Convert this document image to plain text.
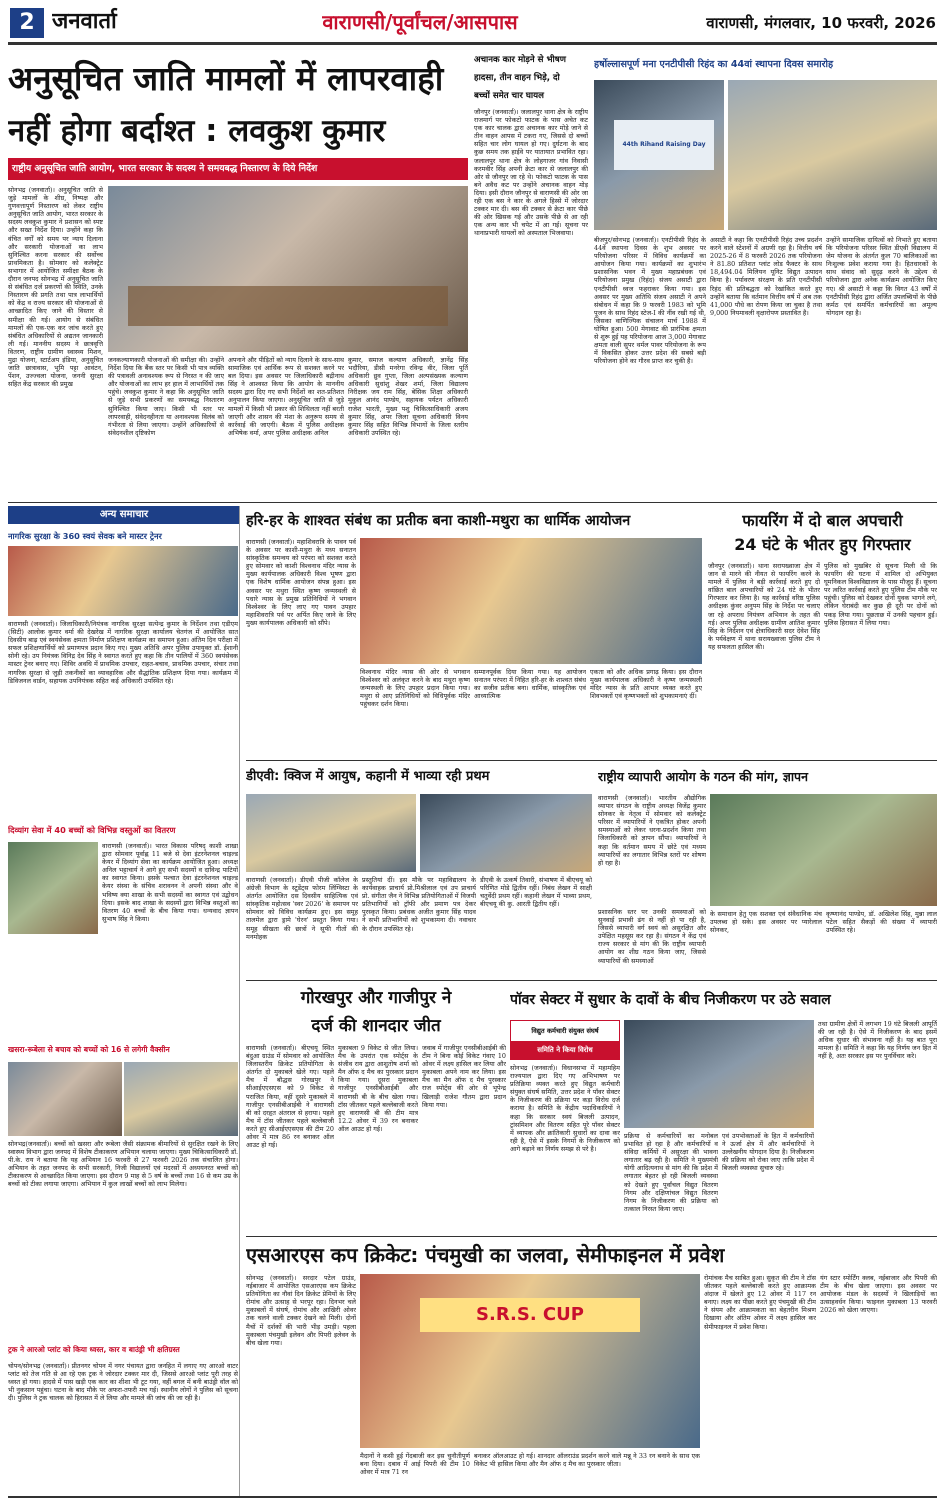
2 जनवार्ता	वाराणसी/पूर्वांचल/आसपास	वाराणसी, मंगलवार, 10 फरवरी, 2026
अनुसूचित जाति मामलों में लापरवाही
नहीं होगा बर्दाश्त : लवकुश कुमार
राष्ट्रीय अनुसूचित जाति आयोग, भारत सरकार के सदस्य ने समयबद्ध निस्तारण के दिये निर्देश
सोनभद्र (जनवार्ता)। अनुसूचित जाति से जुड़े मामलों के शीघ्र, निष्पक्ष और गुणवत्तापूर्ण निस्तारण को लेकर राष्ट्रीय अनुसूचित जाति आयोग, भारत सरकार के सदस्य लवकुश कुमार ने प्रशासन को स्पष्ट और सख्त निर्देश दिया। उन्होंने कहा कि वंचित वर्गों को समय पर न्याय दिलाना और सरकारी योजनाओं का लाभ सुनिश्चित करना सरकार की सर्वोच्च प्राथमिकता है। सोमवार को कलेक्ट्रेट सभागार में आयोजित समीक्षा बैठक के दौरान जनपद सोनभद्र में अनुसूचित जाति से संबंधित दर्ज प्रकरणों की स्थिति, उनके निस्तारण की प्रगति तथा पात्र लाभार्थियों को केंद्र व राज्य सरकार की योजनाओं से आच्छादित किए जाने की विस्तार से समीक्षा की गई। आयोग से संबंधित मामलों की एक-एक कर जांच करते हुए संबंधित अधिकारियों से अद्यतन जानकारी ली गई। माननीय सदस्य ने छात्रवृत्ति वितरण, राष्ट्रीय ग्रामीण स्वास्थ्य मिशन, मुद्रा योजना, स्टार्टअप इंडिया, अनुसूचित जाति छात्रावास, भूमि पट्टा आवंटन, पेंशन, उज्ज्वला योजना, जननी सुरक्षा सहित केंद्र सरकार की प्रमुख
जनकल्याणकारी योजनाओं की समीक्षा की। उन्होंने निर्देश दिया कि बैंक स्तर पर किसी भी पात्र व्यक्ति की पत्रावली अनावश्यक रूप से निरस्त न की जाए और योजनाओं का लाभ हर हाल में लाभार्थियों तक पहुंचे। लवकुश कुमार ने कहा कि अनुसूचित जाति से जुड़े सभी प्रकरणों का समयबद्ध निस्तारण सुनिश्चित किया जाए। किसी भी स्तर पर लापरवाही, संवेदनहीनता या अनावश्यक विलंब को गंभीरता से लिया जाएगा। उन्होंने अधिकारियों से संवेदनशील दृष्टिकोण
अपनाने और पीड़ितों को न्याय दिलाने के साथ-साथ सामाजिक एवं आर्थिक रूप से सशक्त करने पर बल दिया। इस अवसर पर जिलाधिकारी बद्रीनाथ सिंह ने आश्वस्त किया कि आयोग के माननीय सदस्य द्वारा दिए गए सभी निर्देशों का शत-प्रतिशत अनुपालन किया जाएगा। अनुसूचित जाति से जुड़े मामलों में किसी भी प्रकार की शिथिलता नहीं बरती जाएगी और शासन की मंशा के अनुरूप समय से कार्रवाई की जाएगी। बैठक में पुलिस अधीक्षक अभिषेक वर्मा, अपर पुलिस अधीक्षक अनिल
कुमार, समाज कल्याण अधिकारी, ज्ञानेंद्र सिंह भदौरिया, डीसी मनरेगा रविन्द्र वीर, जिला पूर्ति अधिकारी ध्रुव गुप्ता, जिला अल्पसंख्यक कल्याण अधिकारी सुधांशु शेखर शर्मा, जिला विद्यालय निरीक्षक जय राम सिंह, बेसिक शिक्षा अधिकारी मुकुल आनंद पाण्डेय, सहायक पर्यटन अधिकारी राजेश भारती, मुख्य पशु चिकित्साधिकारी अजय कुमार सिंह, अपर जिला सूचना अधिकारी विनय कुमार सिंह सहित विभिन्न विभागों के जिला स्तरीय अधिकारी उपस्थित रहे।
अचानक कार मोड़ने से भीषण
हादसा, तीन वाहन भिड़े, दो
बच्चों समेत चार घायल
जौनपुर (जनवार्ता)। जलालपुर थाना क्षेत्र के राष्ट्रीय राजमार्ग पर फोकटो फाटक के पास अचेत कट एक कार चालक द्वारा अचानक कार मोड़े जाने से तीन वाहन आपस में टकरा गए, जिससे दो बच्चों सहित चार लोग घायल हो गए। दुर्घटना के बाद कुछ समय तक हाईवे पर यातायात प्रभावित रहा। जलालपुर थाना क्षेत्र के लोहगाजर गांव निवासी करमवीर सिंह अपनी क्रेटा कार से जलालपुर की ओर से जौनपुर जा रहे थे। फोकटो फाटक के पास बने अवैध कट पर उन्होंने अचानक वाहन मोड़ दिया। इसी दौरान जौनपुर से वाराणसी की ओर जा रही एक बस ने कार के अगले हिस्से में जोरदार टक्कर मार दी। बस की टक्कर से क्रेटा कार पीछे की ओर खिसक गई और उसके पीछे से आ रही एक अन्य कार भी चपेट में आ गई। सूचना पर थानाप्रभारी घायलों को अस्पताल भिजवाया।
हर्षोल्लासपूर्ण मना एनटीपीसी रिहंद का 44वां स्थापना दिवस समारोह
44th Rihand Raising Day
बीजपुर/सोनभद्र (जनवार्ता)। एनटीपीसी रिहंद के 44वें स्थापना दिवस के शुभ अवसर पर परियोजना परिसर में विविध कार्यक्रमों का आयोजन किया गया। कार्यक्रमों का शुभारंभ प्रशासनिक भवन में मुख्य महाप्रबंधक एवं परियोजना प्रमुख (रिहंद) संजय असाटी द्वारा एनटीपीसी ध्वज फहराकर किया गया। इस अवसर पर मुख्य अतिथि संजय असाटी ने अपने संबोधन में कहा कि 9 फरवरी 1983 को भूमि पूजन के साथ रिहंद स्टेज-I की नींव रखी गई थी, जिसका वाणिज्यिक संचालन मार्च 1988 में घोषित हुआ। 500 मेगावाट की प्रारंभिक क्षमता से शुरू हुई यह परियोजना आज 3,000 मेगावाट क्षमता वाली सुपर थर्मल पावर परियोजना के रूप में विकसित होकर उत्तर प्रदेश की सबसे बड़ी परियोजना होने का गौरव प्राप्त कर चुकी है।
असाटी ने कहा कि एनटीपीसी रिहंद उच्च प्रदर्शन करने वाले स्टेशनों में अग्रणी रहा है। वित्तीय वर्ष 2025-26 में 8 फरवरी 2026 तक परियोजना ने 81.80 प्रतिशत प्लांट लोड फैक्टर के साथ 18,494.04 मिलियन यूनिट विद्युत उत्पादन किया है। पर्यावरण संरक्षण के प्रति एनटीपीसी रिहंद की प्रतिबद्धता को रेखांकित करते हुए उन्होंने बताया कि वर्तमान वित्तीय वर्ष में अब तक 41,000 पौधे का रोपण किया जा चुका है तथा 9,000 नियमावली वृक्षारोपण प्रस्तावित है।
उन्होंने सामाजिक दायित्वों को निभाते हुए बताया कि परियोजना परिसर स्थित डीएवी विद्यालय में जेम योजना के अंतर्गत कुल 70 बालिकाओं का निःशुल्क प्रवेश कराया गया है। हितधारकों के साथ संवाद को सुदृढ़ करने के उद्देश्य से परियोजना द्वारा अनेक कार्यक्रम आयोजित किए गए। श्री असाटी ने कहा कि विगत 43 वर्षों में एनटीपीसी रिहंद द्वारा अर्जित उपलब्धियों के पीछे कर्मठ एवं समर्पित कर्मचारियों का अमूल्य योगदान रहा है।
अन्य समाचार
नागरिक सुरक्षा के 360 स्वयं सेवक बने मास्टर ट्रेनर
वाराणसी (जनवार्ता)। जिलाधिकारी/नियंत्रक नागरिक सुरक्षा सत्येन्द्र कुमार के निर्देशन तथा एडीएम (सिटी) आलोक कुमार वर्मा की देखरेख में नागरिक सुरक्षा कार्यालय चेतगंज में आयोजित सात दिवसीय बाढ़ एवं स्वयंसेवक क्षमता निर्माण प्रशिक्षण कार्यक्रम का समापन हुआ। अंतिम दिन परीक्षा में सफल प्रशिक्षणार्थियों को प्रमाणपत्र प्रदान किए गए। मुख्य अतिथि अपर पुलिस उपायुक्त डॉ. ईशानी सोनी रहे। उप नियंत्रक विनिद्र देव सिंह ने स्वागत करते हुए कहा कि तीन पालियों में 360 स्वयंसेवक मास्टर ट्रेनर बनाए गए। शिविर अवधि में प्राथमिक उपचार, राहत-बचाव, प्राथमिक उपचार, संचार तथा नागरिक सुरक्षा से जुड़ी तकनीकों का व्यावहारिक और सैद्धांतिक प्रशिक्षण दिया गया। कार्यक्रम में डिविजनल वार्डन, सहायक उपनियंत्रक सहित कई अधिकारी उपस्थित रहे।
दिव्यांग सेवा में 40 बच्चों को विभिन्न वस्तुओं का वितरण
वाराणसी (जनवार्ता)। भारत विकास परिषद् काशी शाखा द्वारा सोमवार पूर्वाह्न 11 बजे से देवा इंटरनेशनल चाइल्ड केयर में दिव्यांग सेवा का कार्यक्रम आयोजित हुआ। अध्यक्ष अनिल भट्टाचार्य ने आगे हुए सभी सदस्यों व दाविन्द्र पाटियों का स्वागत किया। इसके पश्चात देवा इंटरनेशनल चाइल्ड केयर संस्था के संचिव शरावनन ने अपनी संस्था और वे भविष्य क्या शाखा के सभी सदस्यों का स्वागत एवं उद्बोधन दिया। इसके बाद शाखा के सदस्यों द्वारा विभिन्न वस्तुओं का वितरण 40 बच्चों के बीच किया गया। धन्यवाद ज्ञापन सुभाष सिंह ने किया।
खसरा-रूबेला से बचाव को बच्चों को 16 से लगेगी वैक्सीन
सोनभद्र(जनवार्ता)। बच्चों को खसरा और रूबेला जैसी संक्रामक बीमारियों से सुरक्षित रखने के लिए स्वास्थ्य विभाग द्वारा जनपद में विशेष टीकाकरण अभियान चलाया जाएगा। मुख्य चिकित्साधिकारी डॉ. पी.के. राय ने बताया कि यह अभियान 16 फरवरी से 27 फरवरी 2026 तक संचालित होगा। अभियान के तहत जनपद के सभी सरकारी, निजी विद्यालयों एवं मदरसों में अध्ययनरत बच्चों को टीकाकरण से आच्छादित किया जाएगा। इस दौरान 9 माह से 5 वर्ष के बच्चों तथा 16 से कम उम्र के बच्चों को टीका लगाया जाएगा। अभियान में कुल लाखों बच्चों को लाभ मिलेगा।
ट्रक ने आरओ प्लांट को किया ध्वस्त, कार व बाउंड्री भी क्षतिग्रस्त
चोपन/सोनभद्र (जनवार्ता)। प्रीतनगर चोपन में नगर पंचायत द्वारा जनहित में लगाए गए आरओ वाटर प्लांट को तेज गति से आ रहे एक ट्रक ने जोरदार टक्कर मार दी, जिससे आरओ प्लांट पूरी तरह से ध्वस्त हो गया। हादसे में पास खड़ी एक कार का शीशा भी टूट गया, वहीं बगल में बनी बाउंड्री वॉल को भी नुकसान पहुंचा। घटना के बाद मौके पर अफरा-तफरी मच गई। स्थानीय लोगों ने पुलिस को सूचना दी। पुलिस ने ट्रक चालक को हिरासत में ले लिया और मामले की जांच की जा रही है।
हरि-हर के शाश्वत संबंध का प्रतीक बना काशी-मथुरा का धार्मिक आयोजन
वाराणसी (जनवार्ता)। महाशिवरात्रि के पावन पर्व के अवसर पर काशी-मथुरा के मध्य सनातन सांस्कृतिक समन्वय को परंपरा को सशक्त करते हुए सोमवार को काशी विश्वनाथ मंदिर न्यास के मुख्य कार्यपालक अधिकारी विश्व भूषण द्वारा एक विशेष धार्मिक आयोजन संपन्न हुआ। इस अवसर पर मथुरा स्थित कृष्ण जन्मस्थली से पधारे न्यास के प्रमुख प्रतिनिधियों ने भगवान विश्वेश्वर के लिए लाए गए पावन उपहार महाशिवरात्रि पर्व पर अर्पित किए जाने के लिए मुख्य कार्यपालक अधिकारी को सौंपे।
विश्वनाथ मंदिर न्यास की ओर से भगवान विश्वेश्वर को अलंकृत करने के बाद मथुरा कृष्ण जन्मस्थली के लिए उपहार प्रदान किया गया। मथुरा से आए प्रतिनिधियों को विधिपूर्वक मंदिर पहुंचकर दर्शन किया।
सम्मानपूर्वक दिया किया गया। यह आयोजन सनातन परंपरा में निहित हरि-हर के शाश्वत संबंध का सजीव प्रतीक बना। धार्मिक, सांस्कृतिक एवं आध्यात्मिक
एकता को और अधिक प्रगाढ़ किया। इस दौरान मुख्य कार्यपालक अधिकारी ने कृष्ण जन्मस्थली मंदिर न्यास के प्रति आभार व्यक्त करते हुए शिवभक्तों एवं कृष्णभक्तों को शुभकामनाएं दीं।
फायरिंग में दो बाल अपचारी
24 घंटे के भीतर हुए गिरफ्तार
जौनपुर (जनवार्ता)। थाना सरायख्वाजा क्षेत्र में जान से मारने की नीयत से फायरिंग करने के मामले में पुलिस ने बड़ी कार्रवाई करते हुए दो वांछित बाल अपचारियों को 24 घंटे के भीतर गिरफ्तार कर लिया है। यह कार्रवाई वरिष्ठ पुलिस अधीक्षक कुंवर अनुपम सिंह के निर्देश पर चलाए जा रहे अपराध नियंत्रण अभियान के तहत की गई। अपर पुलिस अधीक्षक ग्रामीण आतिश कुमार सिंह के निर्देशन एवं क्षेत्राधिकारी सदर देवेश सिंह के पर्यवेक्षण में थाना सरायख्वाजा पुलिस टीम ने यह सफलता हासिल की।
पुलिस को मुखबिर से सूचना मिली थी कि फायरिंग की घटना में शामिल दो अभियुक्त घूमनिकल विश्वविद्यालय के पास मौजूद हैं। सूचना पर त्वरित कार्रवाई करते हुए पुलिस टीम मौके पर पहुंची। पुलिस को देखकर दोनों युवक भागने लगे, लेकिन घेराबंदी कर कुछ ही दूरी पर दोनों को पकड़ लिया गया। पूछताछ में उनकी पहचान हुई। पुलिस हिरासत में लिया गया।
डीएवी: क्विज में आयुष, कहानी में भाव्या रही प्रथम
वाराणसी (जनवार्ता)। डीएवी पीजी कॉलेज के अंग्रेजी विभाग के स्टूडेंट्स फोरम लिंग्विस्टा के अंतर्गत आयोजित दस दिवसीय साहित्यिक एवं सांस्कृतिक महोत्सव 'स्वर 2026' के समापन पर सोमवार को विविध कार्यक्रम हुए। इस समूह तालमेल द्वारा ड्रामे 'घेरन' प्रस्तुत किया गया। समूह सीखता की छात्रों ने सूफी गीतों की मनमोहक
प्रस्तुतियां दीं। इस मौके पर महाविद्यालय के कार्यवाहक प्राचार्य प्रो.मिश्रीलाल एवं उप प्राचार्य प्रो. संगीता जैन ने विभिन्न प्रतियोगिताओं में विजयी प्रतिभागियों को ट्रॉफी और प्रमाण पत्र देकर पुरस्कृत किया। प्रबंधक अजीत कुमार सिंह यादव ने सभी प्रतिभागियों को शुभकामना दी। नवाचार के दौरान उपस्थित रहे।
डीएवी के उत्कर्ष तिवारी, संभाषण में बीएचयू को परिणित मोडे द्वितीय रहीं। निबंध लेखन में साक्षी चतुर्वेदी प्रथम रहीं। कहानी लेखन में भाव्या प्रथम, बीएचयू की कु. आरती द्वितीय रहीं।
राष्ट्रीय व्यापारी आयोग के गठन की मांग, ज्ञापन
वाराणसी (जनवार्ता)। भारतीय औद्योगिक व्यापार संगठन के राष्ट्रीय अध्यक्ष विजेंद्र कुमार सोनकर के नेतृत्व में सोमवार को कलेक्ट्रेट परिसर में व्यापारियों ने एकत्रित होकर अपनी समस्याओं को लेकर धरना-प्रदर्शन किया तथा जिलाधिकारी को ज्ञापन सौंपा। व्यापारियों ने कहा कि वर्तमान समय में छोटे एवं मध्यम व्यापारियों का लगातार विभिन्न स्तरों पर शोषण हो रहा है।
प्रशासनिक स्तर पर उनकी समस्याओं को सुनवाई प्रभावी ढंग से नहीं हो पा रही है, जिससे व्यापारी वर्ग स्वयं को असुरक्षित और उपेक्षित महसूस कर रहा है। संगठन ने केंद्र एवं राज्य सरकार से मांग की कि राष्ट्रीय व्यापारी आयोग का शीघ्र गठन किया जाए, जिससे व्यापारियों की समस्याओं
के समाधान हेतु एक सशक्त एवं संवैधानिक मंच उपलब्ध हो सके। इस अवसर पर प्यारेलाल सोनकर,
कृष्णानंद पाण्डेय, डॉ. अखिलेश सिंह, मुन्ना लाल पटेल सहित सैकड़ों की संख्या में व्यापारी उपस्थित रहे।
गोरखपुर और गाजीपुर ने
दर्ज की शानदार जीत
वाराणसी (जनवार्ता)। बीएचयू स्थित बंदुआ ग्राउंड में सोमवार को आयोजित जिलास्तरीय क्रिकेट प्रतियोगिता के अंतर्गत दो मुकाबले खेले गए। पहले मैच में बौद्धस गोरखपुर ने सीआईएएसएस को 9 विकेट से पराजित किया, वहीं दूसरे मुकाबले में गाजीपुर एनसीबीआईबी ने वाराणसी बी को दरहृत अंतराल से हराया। पहले मैच में टॉस जीतकर पहले बल्लेबाजी करते हुए सीआईएएसएस की टीम 20 ओवर में मात्र 86 रन बनाकर ऑल आउट हो गई।
मुकाबला 9 विकेट से जीत लिया। मैच के उपरांत एक स्पोर्ट्स के संजीव राय द्वारा आशुतोष शर्मा को मैन ऑफ द मैच का पुरस्कार प्रदान किया गया। दूसरा मुकाबला गाजीपुर एनसीबीआईबी और वाराणसी बी के बीच खेला गया। टॉस जीतकर पहले बल्लेबाजी करते हुए वाराणसी बी की टीम मात्र 12.2 ओवर में 39 रन बनाकर ऑल आउट हो गई।
जवाब में गाजीपुर एनसीबीआईबी की टीम ने बिना कोई विकेट गंवाए 10 ओवर में लक्ष्य हासिल कर लिया और मुकाबला अपने नाम कर लिया। इस मैच का मैन ऑफ द मैच पुरस्कार राज स्पोर्ट्स की ओर से भूपेन्द्र खिलाड़ी राजेश गौतम द्वारा प्रदान किया गया।
पॉवर सेक्टर में सुधार के दावों के बीच निजीकरण पर उठे सवाल
विद्युत कर्मचारी संयुक्त संघर्ष
समिति ने किया विरोध
सोनभद्र (जनवार्ता)। विधानसभा में महामहिम राज्यपाल द्वारा दिए गए अभिभाषण पर प्रतिक्रिया व्यक्त करते हुए विद्युत कर्मचारी संयुक्त संघर्ष समिति, उत्तर प्रदेश ने पॉवर सेक्टर के निजीकरण की प्रक्रिया पर कड़ा विरोध दर्ज कराया है। समिति के केंद्रीय पदाधिकारियों ने कहा कि सरकार स्वयं बिजली उत्पादन, ट्रांसमिशन और वितरण सहित पूरे पॉवर सेक्टर में व्यापक और क्रांतिकारी सुधारों का दावा कर रही है, ऐसे में इसके निगमों के निजीकरण को आगे बढ़ाने का निर्णय समझ से परे है।
प्रक्रिया से कर्मचारियों का मनोबल प्रभावित हो रहा है और कर्मचारियों व संविदा कर्मियों में असुरक्षा की भावना लगातार बढ़ रही है। समिति ने मुख्यमंत्री योगी आदित्यनाथ से मांग की कि प्रदेश में लगातार बेहतर हो रही बिजली व्यवस्था को देखते हुए पूर्वांचल विद्युत वितरण निगम और दक्षिणांचल विद्युत वितरण निगम के निजीकरण की प्रक्रिया को तत्काल निरस्त किया जाए।
एवं उपभोक्ताओं के हित में कर्मचारियों ने ऊर्जा क्षेत्र में और कर्मचारियों ने उल्लेखनीय योगदान दिया है। निजीकरण की प्रक्रिया को रोका जाए ताकि प्रदेश में बिजली व्यवस्था सुचारु रहे।
तथा ग्रामीण क्षेत्रों में लगभग 19 घंटे बिजली आपूर्ति की जा रही है। ऐसे में निजीकरण के बाद इसमें अधिक सुधार की संभावना नहीं है। यह बात पूरा मामला है। समिति ने कहा कि यह निर्णय जन हित में नहीं है, अतः सरकार इस पर पुनर्विचार करे।
एसआरएस कप क्रिकेट: पंचमुखी का जलवा, सेमीफाइनल में प्रवेश
सोनभद्र (जनवार्ता)। सरदार पटेल ग्राउंड, नईबाजार में आयोजित एसआरएस कप क्रिकेट प्रतियोगिता का नौवां दिन क्रिकेट प्रेमियों के लिए रोमांच और उत्साह से भरपूर रहा। दिनभर चले मुकाबलों में संघर्ष, रोमांच और आखिरी ओवर तक चलने वाली टक्कर देखने को मिली। दोनों मैचों में दर्शकों की भारी भीड़ उमड़ी। पहला मुकाबला पंचमुखी इलेवन और पिपरी इलेवन के बीच खेला गया।
S.R.S. CUP
मैदानों ने कसी हुई गेंदबाजी कर इस चुनौतीपूर्ण बना दिया। दबाव में आई पिपरी की टीम 10 ओवर में मात्र 71 रन
बनाकर ऑलआउट हो गई। शानदार ऑलराउंड प्रदर्शन करने वाले मन्नू ने 33 रन बनाने के साथ एक विकेट भी हासिल किया और मैन ऑफ द मैच का पुरस्कार जीता।
रोमांचक मैच साबित हुआ। सुकृत की टीम ने टॉस जीतकर पहले बल्लेबाजी करते हुए आक्रामक अंदाज में खेलते हुए 12 ओवर में 117 रन बनाए। लक्ष्य का पीछा करते हुए पंचमुखी की टीम ने संयम और आक्रामकता का बेहतरीन मिश्रण दिखाया और अंतिम ओवर में लक्ष्य हासिल कर सेमीफाइनल में प्रवेश किया।
यंग स्टार स्पोर्टिंग क्लब, नईबाजार और पिपरी की टीम के बीच खेला जाएगा। इस अवसर पर आयोजक मंडल के सदस्यों ने खिलाड़ियों का उत्साहवर्धन किया। फाइनल मुकाबला 13 फरवरी 2026 को खेला जाएगा।
